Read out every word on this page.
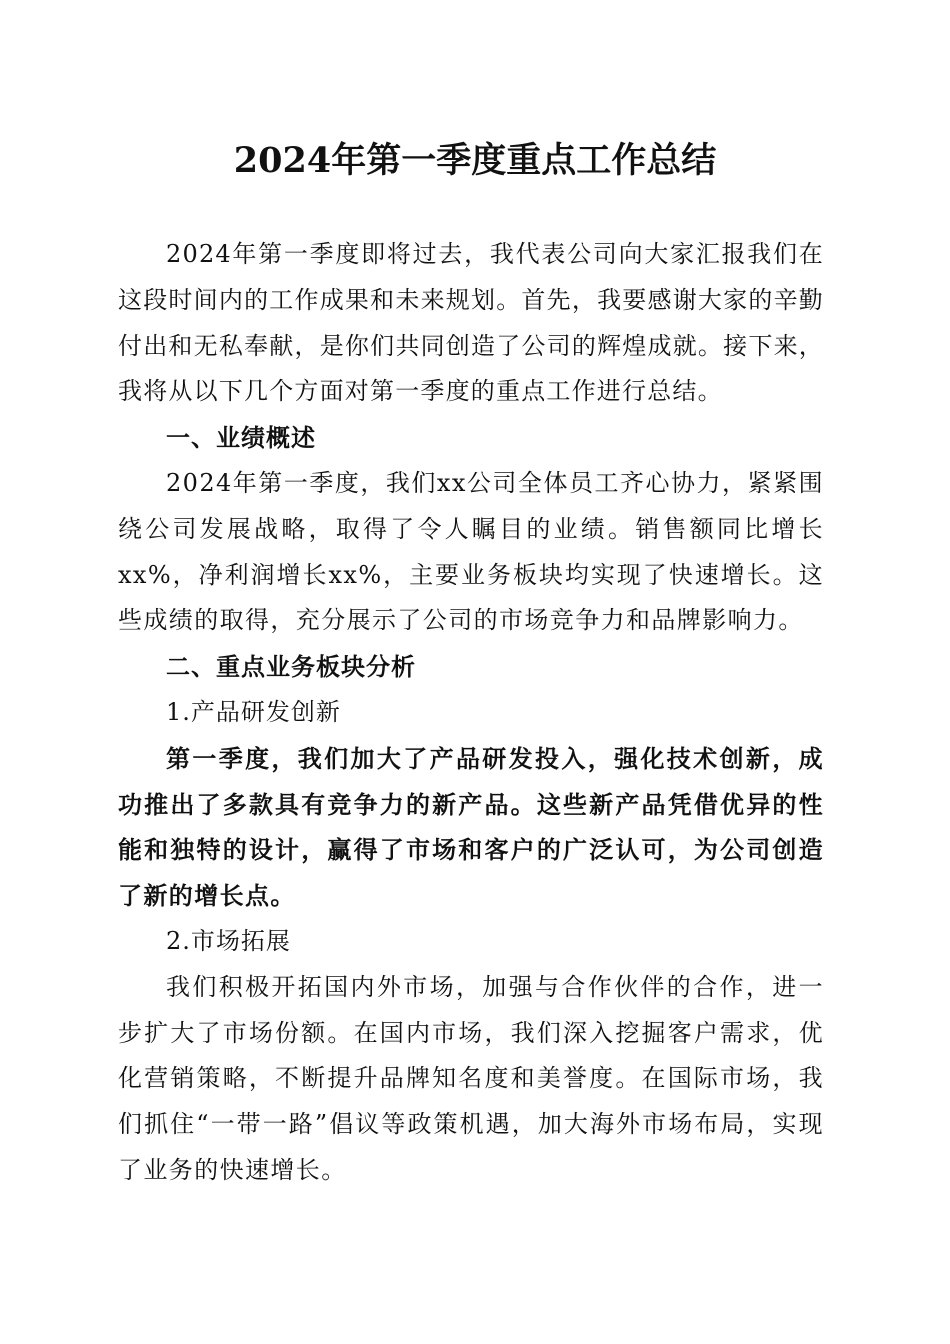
2024年第一季度重点工作总结

2024年第一季度即将过去，我代表公司向大家汇报我们在这段时间内的工作成果和未来规划。首先，我要感谢大家的辛勤付出和无私奉献，是你们共同创造了公司的辉煌成就。接下来，我将从以下几个方面对第一季度的重点工作进行总结。

一、业绩概述

2024年第一季度，我们xx公司全体员工齐心协力，紧紧围绕公司发展战略，取得了令人瞩目的业绩。销售额同比增长xx%，净利润增长xx%，主要业务板块均实现了快速增长。这些成绩的取得，充分展示了公司的市场竞争力和品牌影响力。

二、重点业务板块分析

1.产品研发创新

第一季度，我们加大了产品研发投入，强化技术创新，成功推出了多款具有竞争力的新产品。这些新产品凭借优异的性能和独特的设计，赢得了市场和客户的广泛认可，为公司创造了新的增长点。

2.市场拓展

我们积极开拓国内外市场，加强与合作伙伴的合作，进一步扩大了市场份额。在国内市场，我们深入挖掘客户需求，优化营销策略，不断提升品牌知名度和美誉度。在国际市场，我们抓住“一带一路”倡议等政策机遇，加大海外市场布局，实现了业务的快速增长。
